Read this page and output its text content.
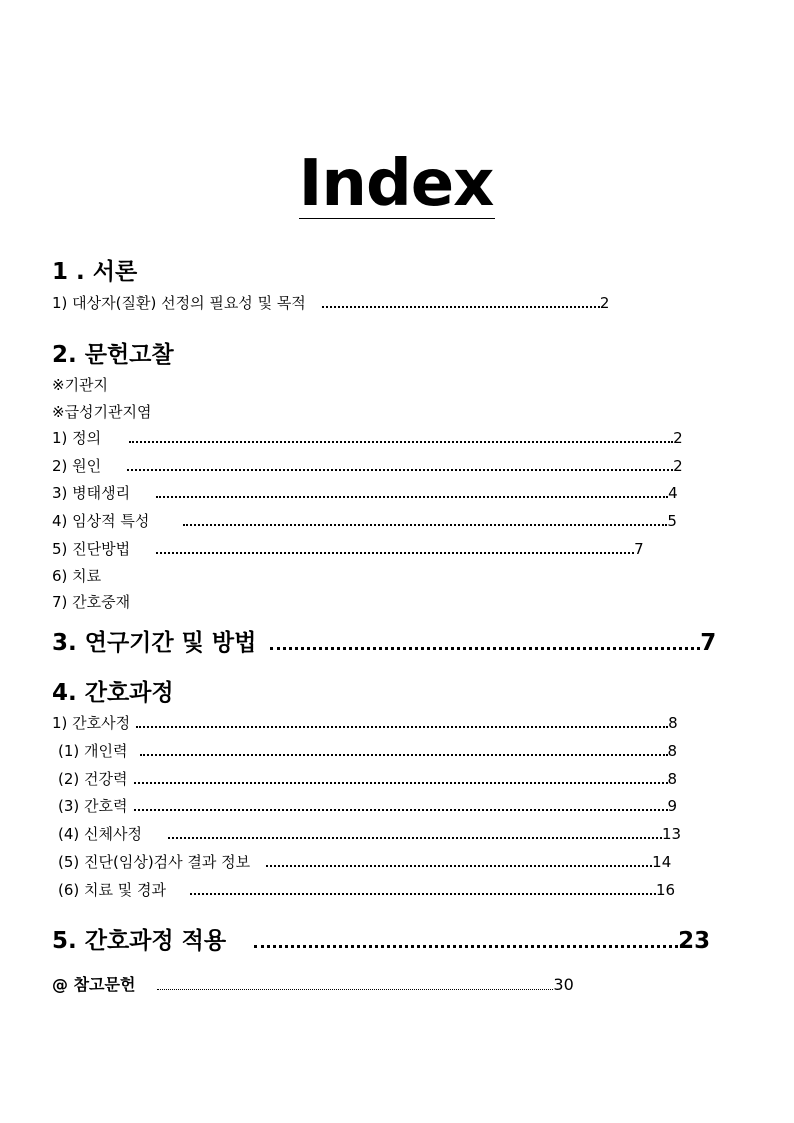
Index
1 . 서론
1) 대상자(질환) 선정의 필요성 및 목적	2
2. 문헌고찰
※기관지
※급성기관지염
1) 정의	2
2) 원인	2
3) 병태생리	4
4) 임상적 특성	5
5) 진단방법	7
6) 치료
7) 간호중재
3. 연구기간 및 방법	7
4. 간호과정
1) 간호사정	8
(1) 개인력	8
(2) 건강력	8
(3) 간호력	9
(4) 신체사정	13
(5) 진단(임상)검사 결과 정보	14
(6) 치료 및 경과	16
5. 간호과정 적용	23
@ 참고문헌	30
